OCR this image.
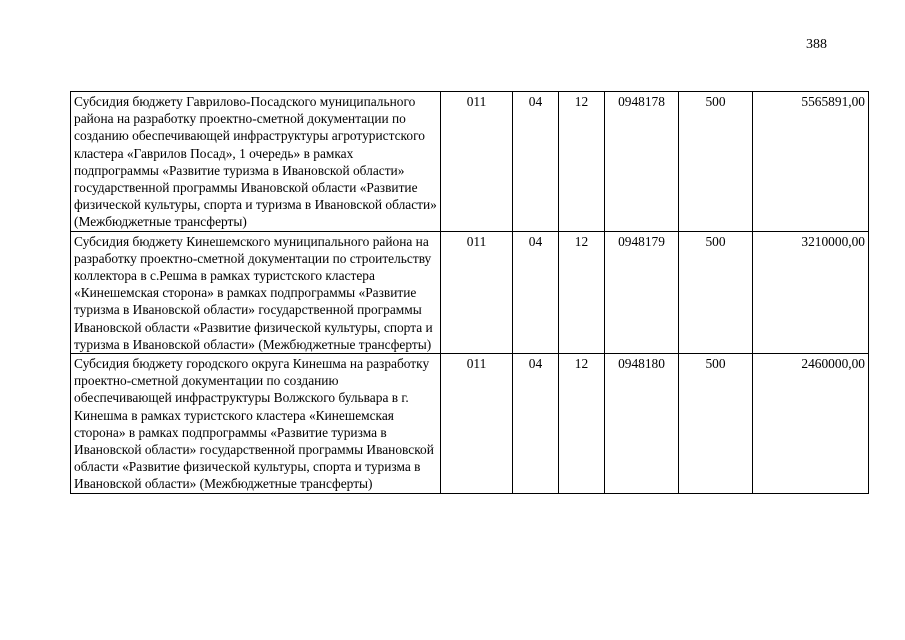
388
Субсидия бюджету Гаврилово-Посадского муниципального района на разработку проектно-сметной документации по созданию обеспечивающей инфраструктуры агротуристского кластера «Гаврилов Посад», 1 очередь» в рамках подпрограммы «Развитие туризма в Ивановской области» государственной программы Ивановской области «Развитие физической культуры, спорта и туризма в Ивановской области» (Межбюджетные трансферты)	011	04	12	0948178	500	5565891,00
Субсидия бюджету Кинешемского муниципального района на разработку проектно-сметной документации по строительству коллектора в с.Решма в рамках туристского кластера «Кинешемская сторона» в рамках подпрограммы «Развитие туризма в Ивановской области» государственной программы Ивановской области «Развитие физической культуры, спорта и туризма в Ивановской области» (Межбюджетные трансферты)	011	04	12	0948179	500	3210000,00
Субсидия бюджету городского округа Кинешма на разработку проектно-сметной документации по созданию обеспечивающей инфраструктуры Волжского бульвара в г. Кинешма в рамках туристского кластера «Кинешемская сторона» в рамках подпрограммы «Развитие туризма в Ивановской области» государственной программы Ивановской области «Развитие физической культуры, спорта и туризма в Ивановской области» (Межбюджетные трансферты)	011	04	12	0948180	500	2460000,00
